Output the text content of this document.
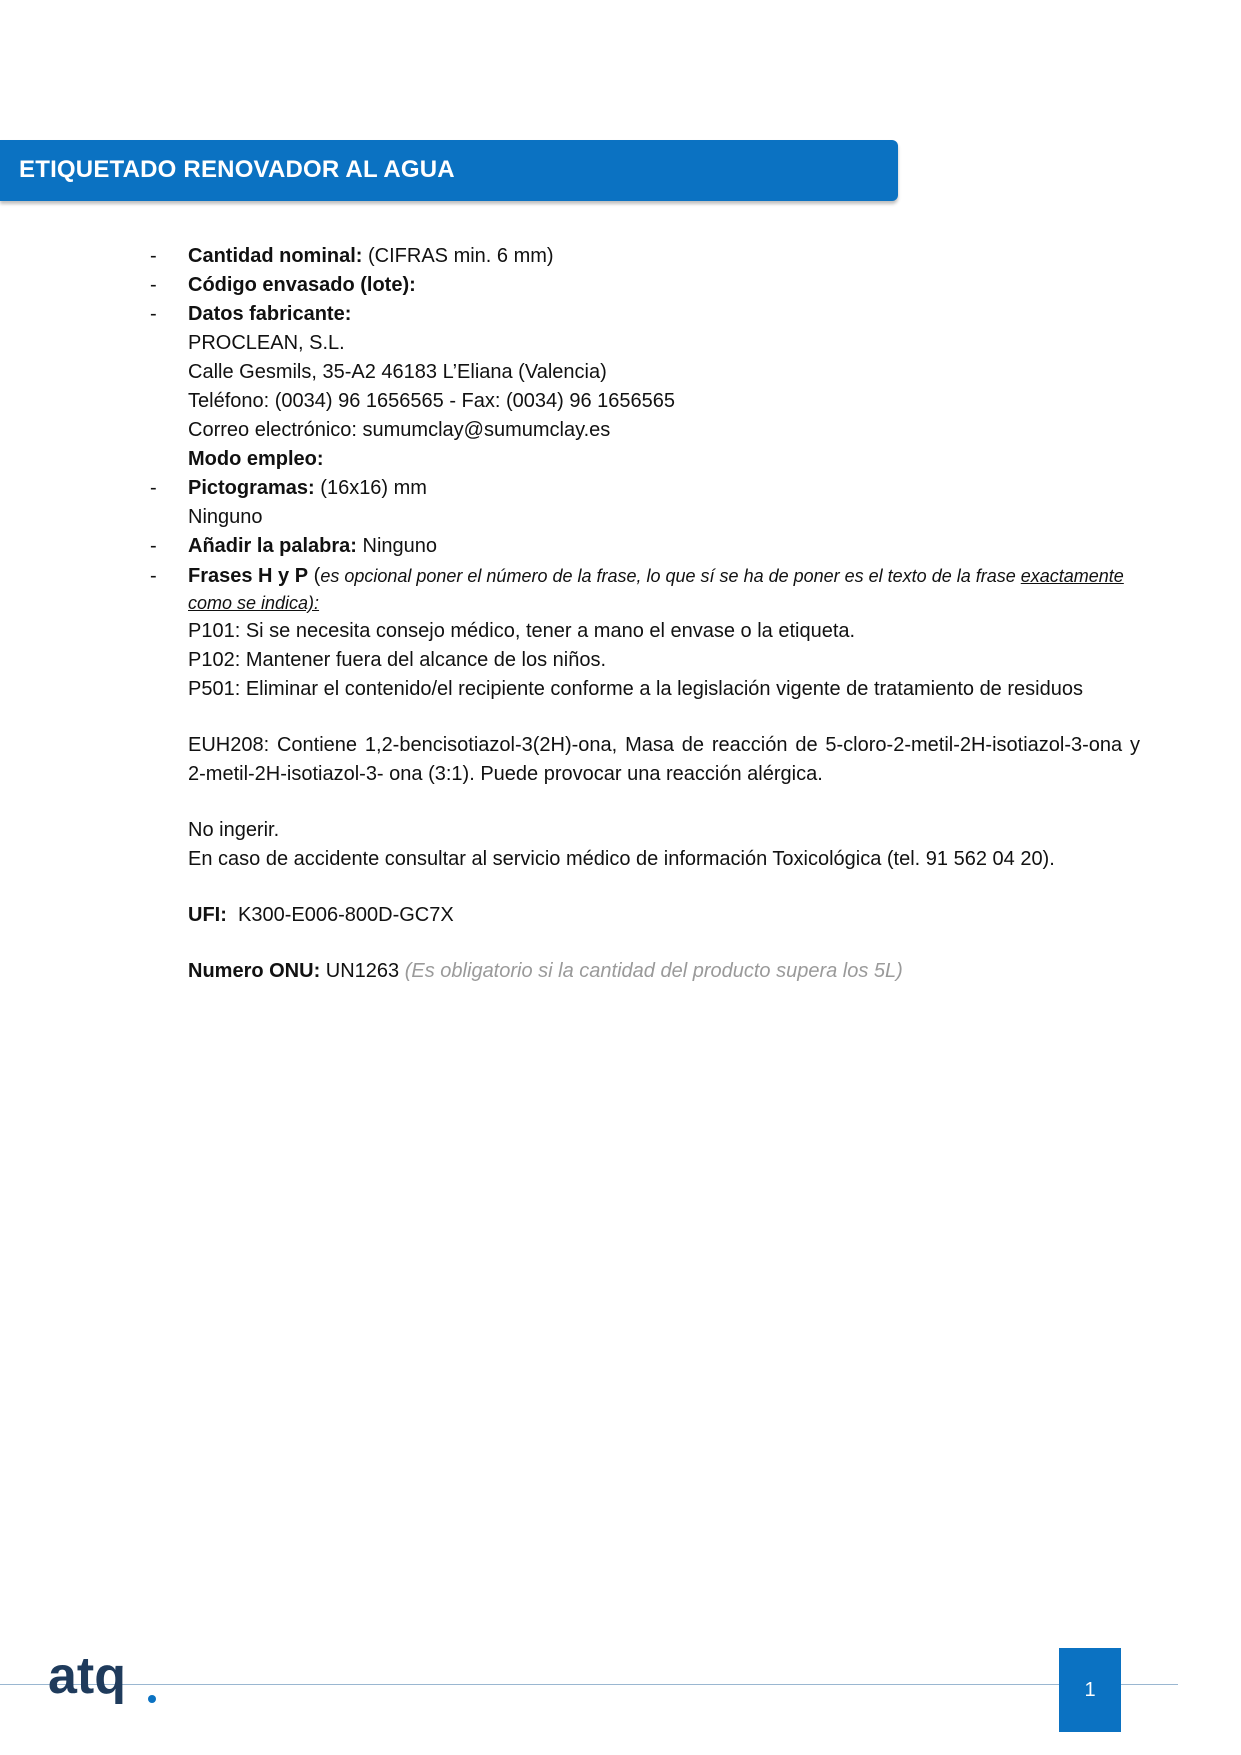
ETIQUETADO RENOVADOR AL AGUA
- Cantidad nominal: (CIFRAS min. 6 mm)
- Código envasado (lote):
- Datos fabricante:
PROCLEAN, S.L.
Calle Gesmils, 35-A2 46183 L’Eliana (Valencia)
Teléfono: (0034) 96 1656565 - Fax: (0034) 96 1656565
Correo electrónico: sumumclay@sumumclay.es
Modo empleo:
- Pictogramas: (16x16) mm
Ninguno
- Añadir la palabra: Ninguno
- Frases H y P (es opcional poner el número de la frase, lo que sí se ha de poner es el texto de la frase exactamente
como se indica):
P101: Si se necesita consejo médico, tener a mano el envase o la etiqueta.
P102: Mantener fuera del alcance de los niños.
P501: Eliminar el contenido/el recipiente conforme a la legislación vigente de tratamiento de residuos
EUH208: Contiene 1,2-bencisotiazol-3(2H)-ona, Masa de reacción de 5-cloro-2-metil-2H-isotiazol-3-ona y 2-metil-2H-isotiazol-3- ona (3:1). Puede provocar una reacción alérgica.
No ingerir.
En caso de accidente consultar al servicio médico de información Toxicológica (tel. 91 562 04 20).
UFI: K300-E006-800D-GC7X
Numero ONU: UN1263 (Es obligatorio si la cantidad del producto supera los 5L)
atq	1
